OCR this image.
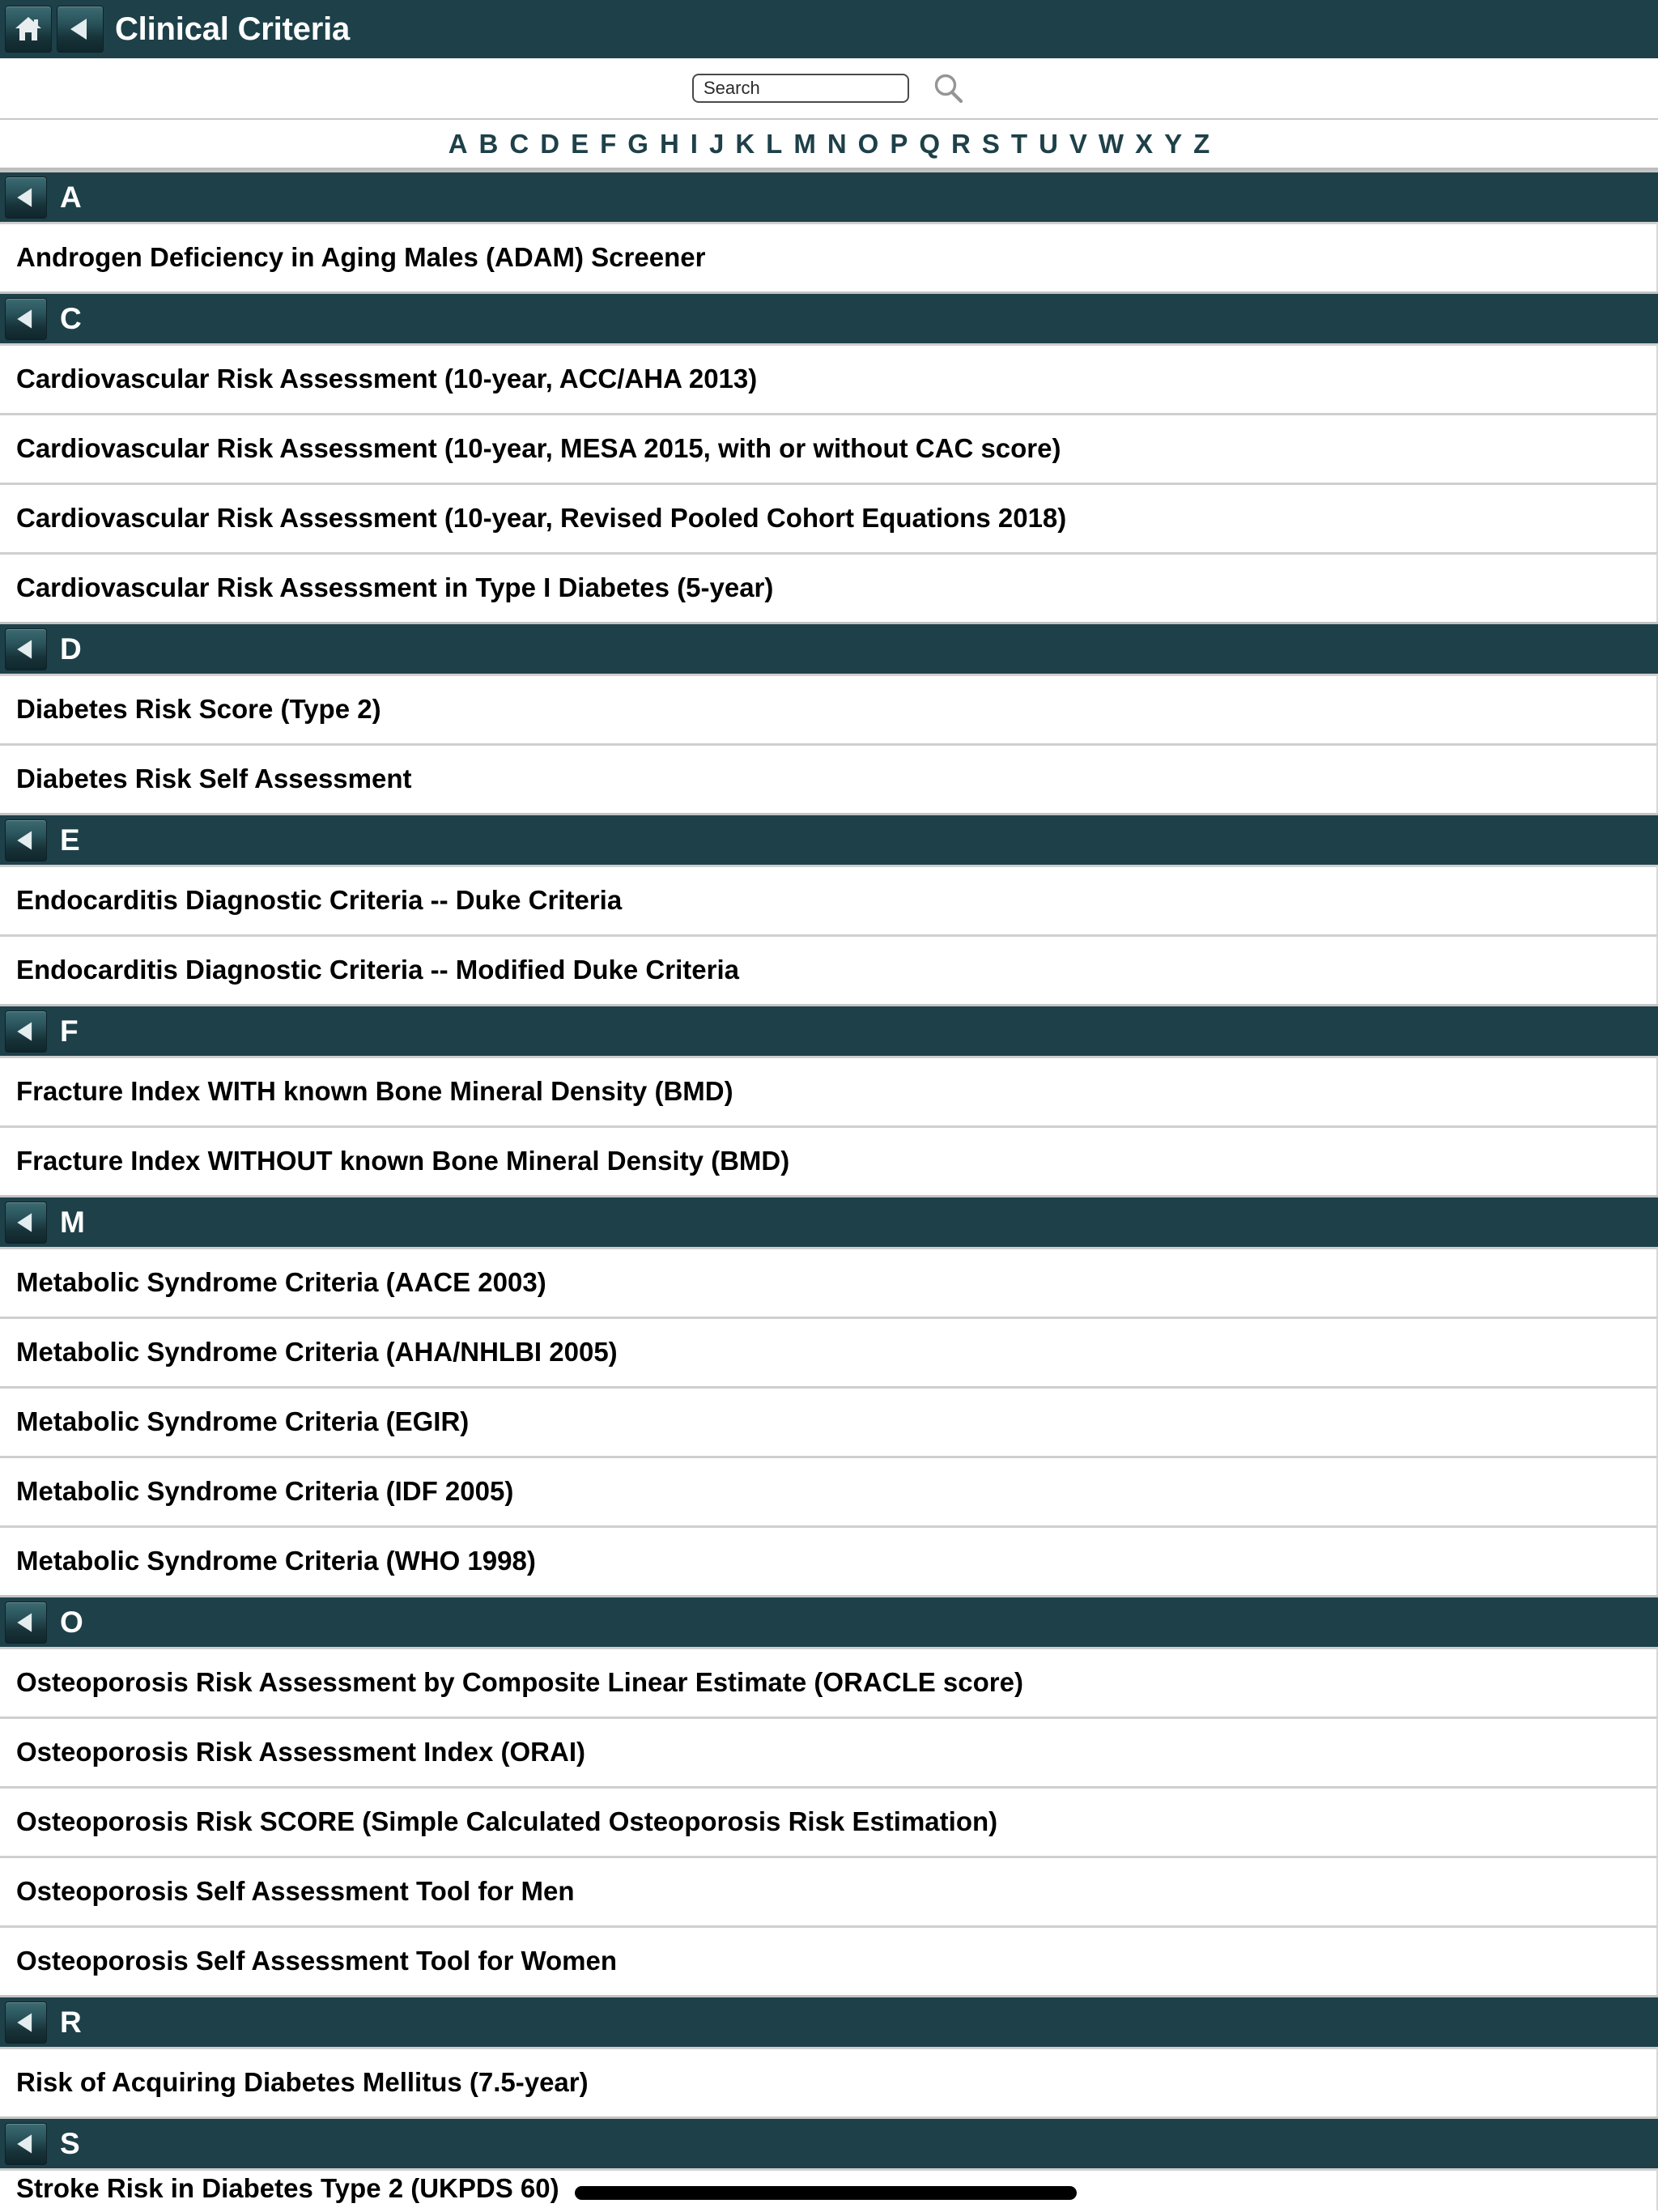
Clinical Criteria
Search
A B C D E F G H I J K L M N O P Q R S T U V W X Y Z
A
Androgen Deficiency in Aging Males (ADAM) Screener
C
Cardiovascular Risk Assessment (10-year, ACC/AHA 2013)
Cardiovascular Risk Assessment (10-year, MESA 2015, with or without CAC score)
Cardiovascular Risk Assessment (10-year, Revised Pooled Cohort Equations 2018)
Cardiovascular Risk Assessment in Type I Diabetes (5-year)
D
Diabetes Risk Score (Type 2)
Diabetes Risk Self Assessment
E
Endocarditis Diagnostic Criteria -- Duke Criteria
Endocarditis Diagnostic Criteria -- Modified Duke Criteria
F
Fracture Index WITH known Bone Mineral Density (BMD)
Fracture Index WITHOUT known Bone Mineral Density (BMD)
M
Metabolic Syndrome Criteria (AACE 2003)
Metabolic Syndrome Criteria (AHA/NHLBI 2005)
Metabolic Syndrome Criteria (EGIR)
Metabolic Syndrome Criteria (IDF 2005)
Metabolic Syndrome Criteria (WHO 1998)
O
Osteoporosis Risk Assessment by Composite Linear Estimate (ORACLE score)
Osteoporosis Risk Assessment Index (ORAI)
Osteoporosis Risk SCORE (Simple Calculated Osteoporosis Risk Estimation)
Osteoporosis Self Assessment Tool for Men
Osteoporosis Self Assessment Tool for Women
R
Risk of Acquiring Diabetes Mellitus (7.5-year)
S
Stroke Risk in Diabetes Type 2 (UKPDS 60)
